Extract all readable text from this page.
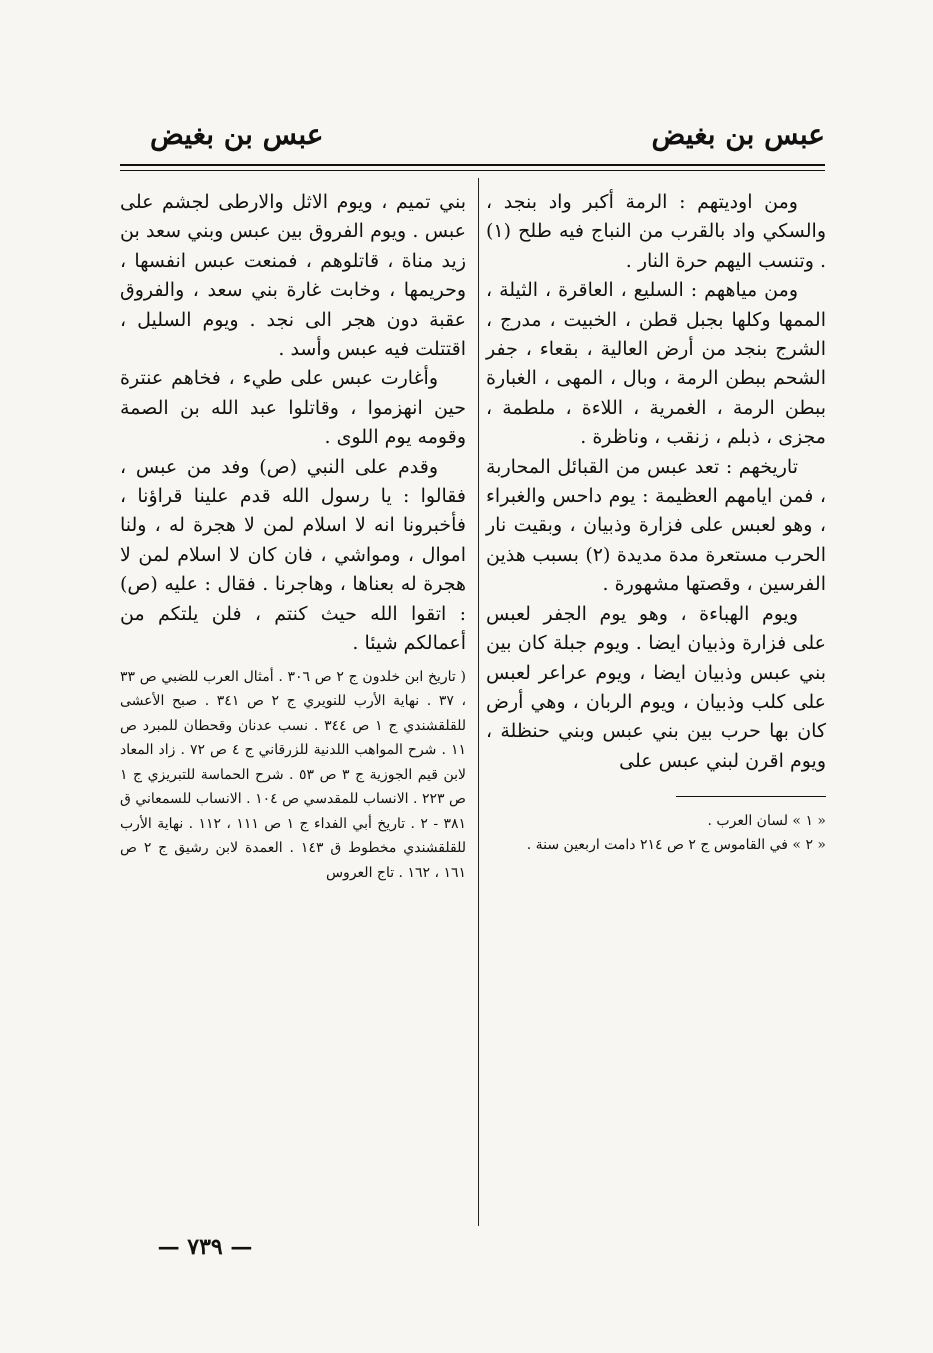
عبس بن بغيض
عبس بن بغيض

ومن اوديتهم : الرمة أكبر واد بنجد ، والسكي واد بالقرب من النباج فيه طلح (١) . وتنسب اليهم حرة النار .

ومن مياههم : السليع ، العاقرة ، الثيلة ، الممها وكلها بجبل قطن ، الخبيت ، مدرج ، الشرج بنجد من أرض العالية ، بقعاء ، جفر الشحم ببطن الرمة ، وبال ، المهى ، الغبارة ببطن الرمة ، الغمرية ، اللاءة ، ملطمة ، مجزى ، ذبلم ، زنقب ، وناظرة .

تاريخهم : تعد عبس من القبائل المحاربة ، فمن ايامهم العظيمة : يوم داحس والغبراء ، وهو لعبس على فزارة وذبيان ، وبقيت نار الحرب مستعرة مدة مديدة (٢) بسبب هذين الفرسين ، وقصتها مشهورة .

ويوم الهباءة ، وهو يوم الجفر لعبس على فزارة وذبيان ايضا . ويوم جبلة كان بين بني عبس وذبيان ايضا ، ويوم عراعر لعبس على كلب وذبيان ، ويوم الربان ، وهي أرض كان بها حرب بين بني عبس وبني حنظلة ، ويوم اقرن لبني عبس على

« ١ » لسان العرب .

« ٢ » في القاموس ج ٢ ص ٢١٤ دامت اربعين سنة .

بني تميم ، ويوم الاثل والارطى لجشم على عبس . ويوم الفروق بين عبس وبني سعد بن زيد مناة ، قاتلوهم ، فمنعت عبس انفسها ، وحريمها ، وخابت غارة بني سعد ، والفروق عقبة دون هجر الى نجد . ويوم السليل ، اقتتلت فيه عبس وأسد .

وأغارت عبس على طيء ، فخاهم عنترة حين انهزموا ، وقاتلوا عبد الله بن الصمة وقومه يوم اللوى .

وقدم على النبي (ص) وفد من عبس ، فقالوا : يا رسول الله قدم علينا قراؤنا ، فأخبرونا انه لا اسلام لمن لا هجرة له ، ولنا اموال ، ومواشي ، فان كان لا اسلام لمن لا هجرة له بعناها ، وهاجرنا . فقال : عليه (ص) : اتقوا الله حيث كنتم ، فلن يلتكم من أعمالكم شيئا .

( تاريخ ابن خلدون ج ٢ ص ٣٠٦ . أمثال العرب للضبي ص ٣٣ ، ٣٧ . نهاية الأرب للنويري ج ٢ ص ٣٤١ . صبح الأعشى للقلقشندي ج ١ ص ٣٤٤ . نسب عدنان وقحطان للمبرد ص ١١ . شرح المواهب اللدنية للزرقاني ج ٤ ص ٧٢ . زاد المعاد لابن قيم الجوزية ج ٣ ص ٥٣ . شرح الحماسة للتبريزي ج ١ ص ٢٢٣ . الانساب للمقدسي ص ١٠٤ . الانساب للسمعاني ق ٣٨١ - ٢ . تاريخ أبي الفداء ج ١ ص ١١١ ، ١١٢ . نهاية الأرب للقلقشندي مخطوط ق ١٤٣ . العمدة لابن رشيق ج ٢ ص ١٦١ ، ١٦٢ . تاج العروس

— ٧٣٩ —
